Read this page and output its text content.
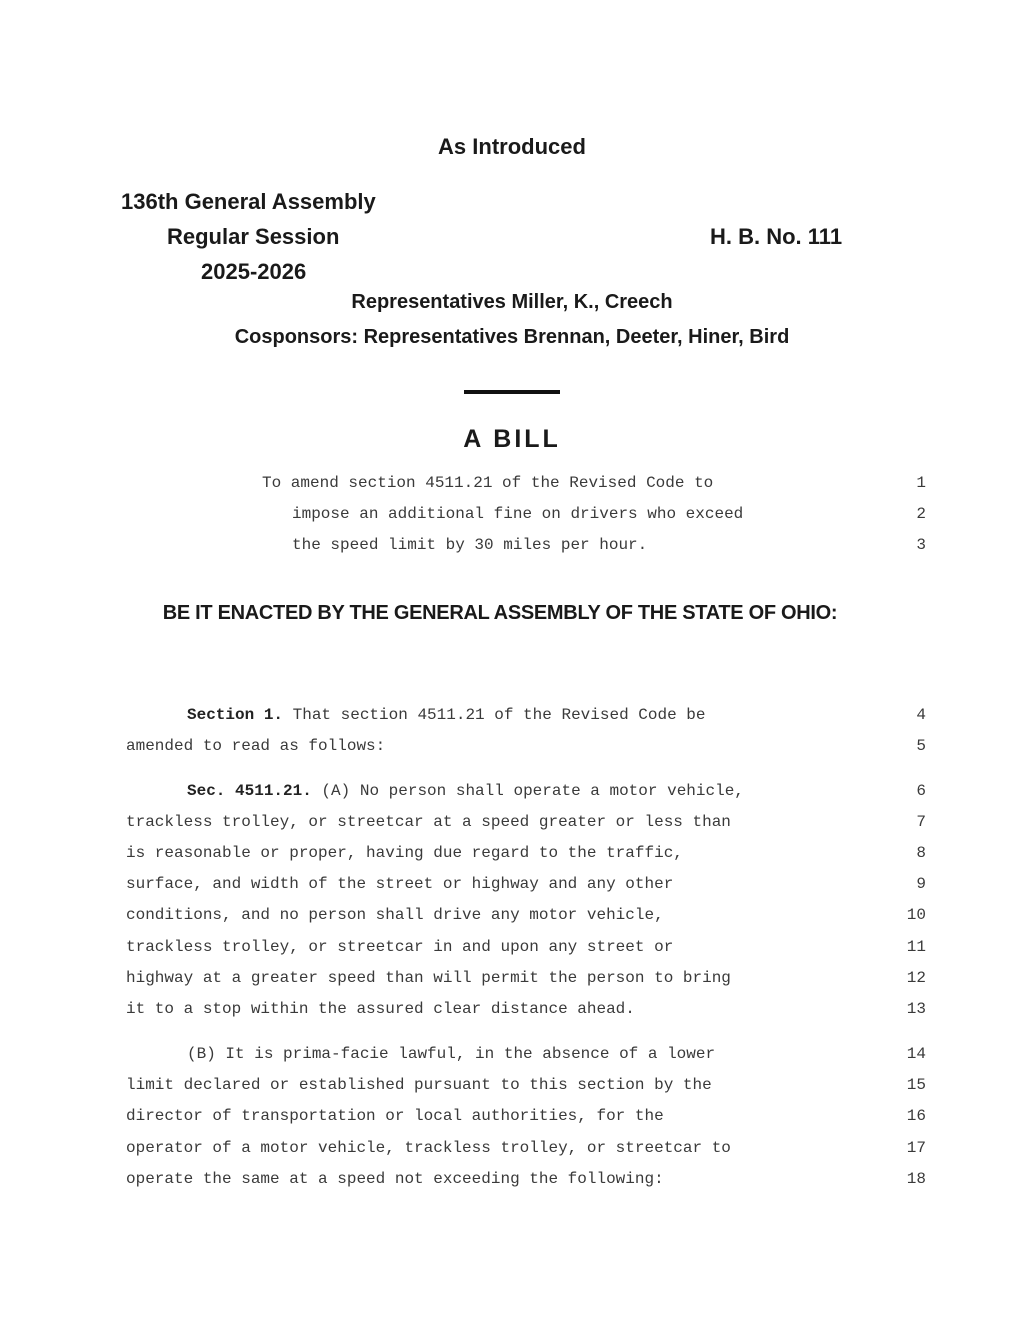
As Introduced
136th General Assembly
Regular Session
2025-2026
H. B. No. 111
Representatives Miller, K., Creech
Cosponsors: Representatives Brennan, Deeter, Hiner, Bird
A BILL
To amend section 4511.21 of the Revised Code to	1
impose an additional fine on drivers who exceed	2
the speed limit by 30 miles per hour.	3
BE IT ENACTED BY THE GENERAL ASSEMBLY OF THE STATE OF OHIO:
Section 1. That section 4511.21 of the Revised Code be	4
amended to read as follows:	5
Sec. 4511.21. (A) No person shall operate a motor vehicle,	6
trackless trolley, or streetcar at a speed greater or less than	7
is reasonable or proper, having due regard to the traffic,	8
surface, and width of the street or highway and any other	9
conditions, and no person shall drive any motor vehicle,	10
trackless trolley, or streetcar in and upon any street or	11
highway at a greater speed than will permit the person to bring	12
it to a stop within the assured clear distance ahead.	13
(B) It is prima-facie lawful, in the absence of a lower	14
limit declared or established pursuant to this section by the	15
director of transportation or local authorities, for the	16
operator of a motor vehicle, trackless trolley, or streetcar to	17
operate the same at a speed not exceeding the following:	18
